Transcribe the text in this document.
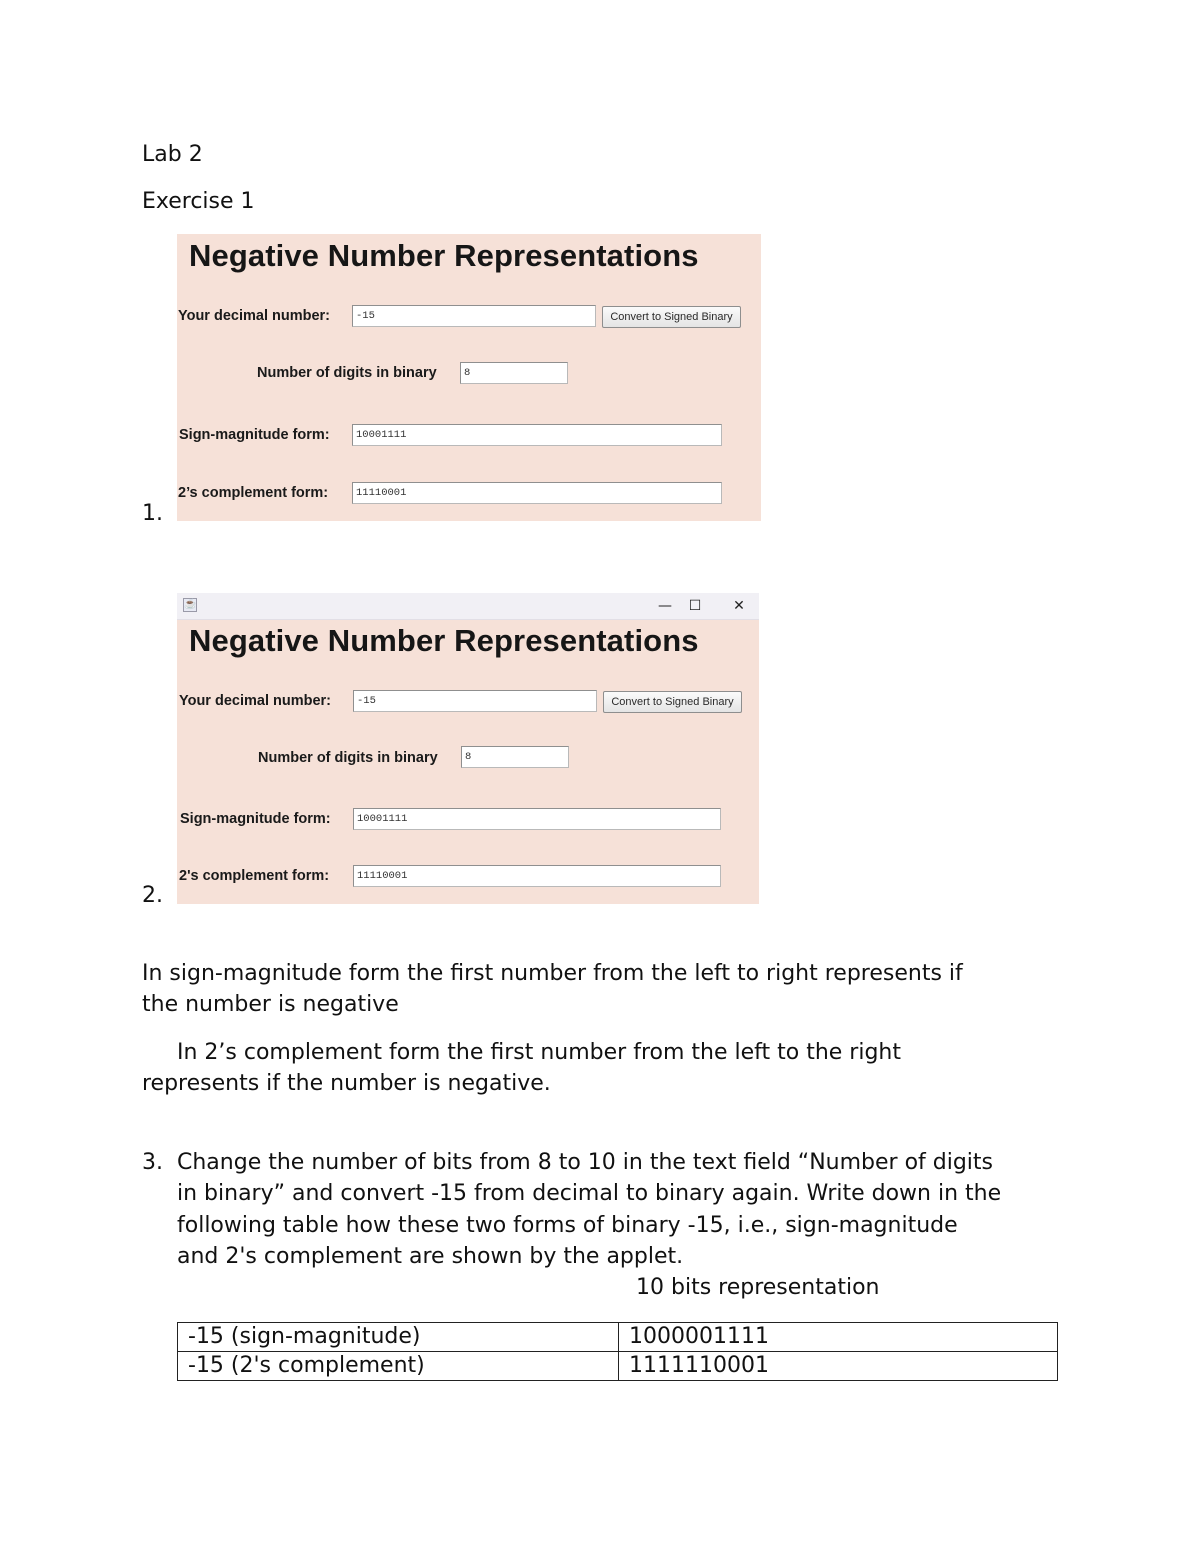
Lab 2
Exercise 1
Negative Number Representations
Your decimal number:	-15	Convert to Signed Binary
Number of digits in binary	8
Sign-magnitude form:	10001111
2’s complement form:	11110001
1.
☕	— ☐ ✕
Negative Number Representations
Your decimal number:	-15	Convert to Signed Binary
Number of digits in binary	8
Sign-magnitude form:	10001111
2's complement form:	11110001
2.
In sign-magnitude form the first number from the left to right represents if
the number is negative
In 2’s complement form the first number from the left to the right
represents if the number is negative.
3. Change the number of bits from 8 to 10 in the text field “Number of digits
in binary” and convert -15 from decimal to binary again. Write down in the
following table how these two forms of binary -15, i.e., sign-magnitude
and 2's complement are shown by the applet.
10 bits representation
-15 (sign-magnitude)	1000001111
-15 (2's complement)	1111110001
